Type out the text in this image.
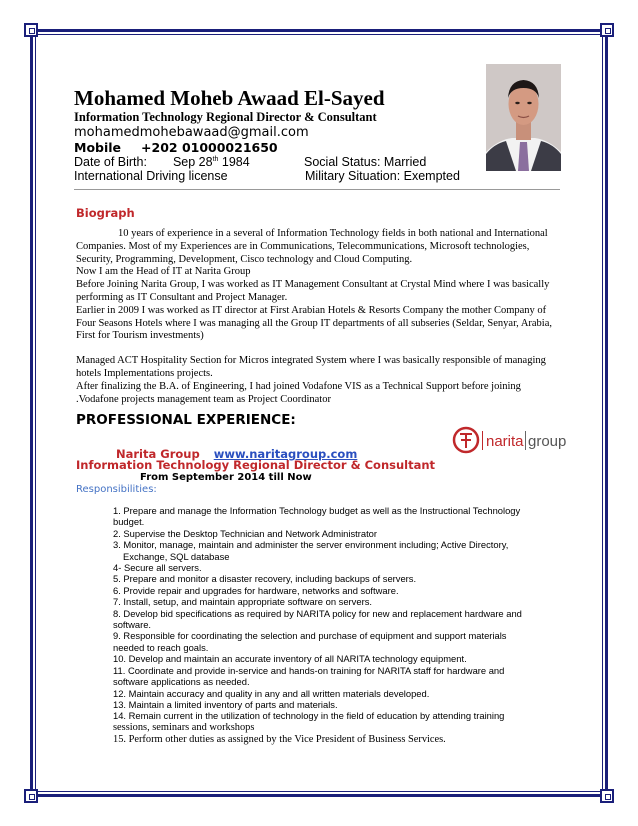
Mohamed Moheb Awaad El-Sayed
Information Technology Regional Director & Consultant
mohamedmohebawaad@gmail.com
Mobile +202 01000021650
Date of Birth: Sep 28th 1984	Social Status: Married
International Driving license	Military Situation: Exempted
Biograph

10 years of experience in a several of Information Technology fields in both national and International Companies. Most of my Experiences are in Communications, Telecommunications, Microsoft technologies, Security, Programming, Development, Cisco technology and Cloud Computing.

Now I am the Head of IT at Narita Group

Before Joining Narita Group, I was worked as IT Management Consultant at Crystal Mind where I was basically performing as IT Consultant and Project Manager.

Earlier in 2009 I was worked as IT director at First Arabian Hotels & Resorts Company the mother Company of Four Seasons Hotels where I was managing all the Group IT departments of all subseries (Seldar, Senyar, Arabia, First for Tourism investments)

Managed ACT Hospitality Section for Micros integrated System where I was basically responsible of managing hotels Implementations projects.

After finalizing the B.A. of Engineering, I had joined Vodafone VIS as a Technical Support before joining

.Vodafone projects management team as Project Coordinator

PROFESSIONAL EXPERIENCE:
narita group
Narita Group www.naritagroup.com
Information Technology Regional Director & Consultant
From September 2014 till Now
Responsibilities:
1. Prepare and manage the Information Technology budget as well as the Instructional Technology budget.
2. Supervise the Desktop Technician and Network Administrator
3. Monitor, manage, maintain and administer the server environment including; Active Directory,
Exchange, SQL database
4- Secure all servers.
5. Prepare and monitor a disaster recovery, including backups of servers.
6. Provide repair and upgrades for hardware, networks and software.
7. Install, setup, and maintain appropriate software on servers.
8. Develop bid specifications as required by NARITA policy for new and replacement hardware and software.
9. Responsible for coordinating the selection and purchase of equipment and support materials needed to reach goals.
10. Develop and maintain an accurate inventory of all NARITA technology equipment.
11. Coordinate and provide in-service and hands-on training for NARITA staff for hardware and software applications as needed.
12. Maintain accuracy and quality in any and all written materials developed.
13. Maintain a limited inventory of parts and materials.
14. Remain current in the utilization of technology in the field of education by attending training
sessions, seminars and workshops
15. Perform other duties as assigned by the Vice President of Business Services.
